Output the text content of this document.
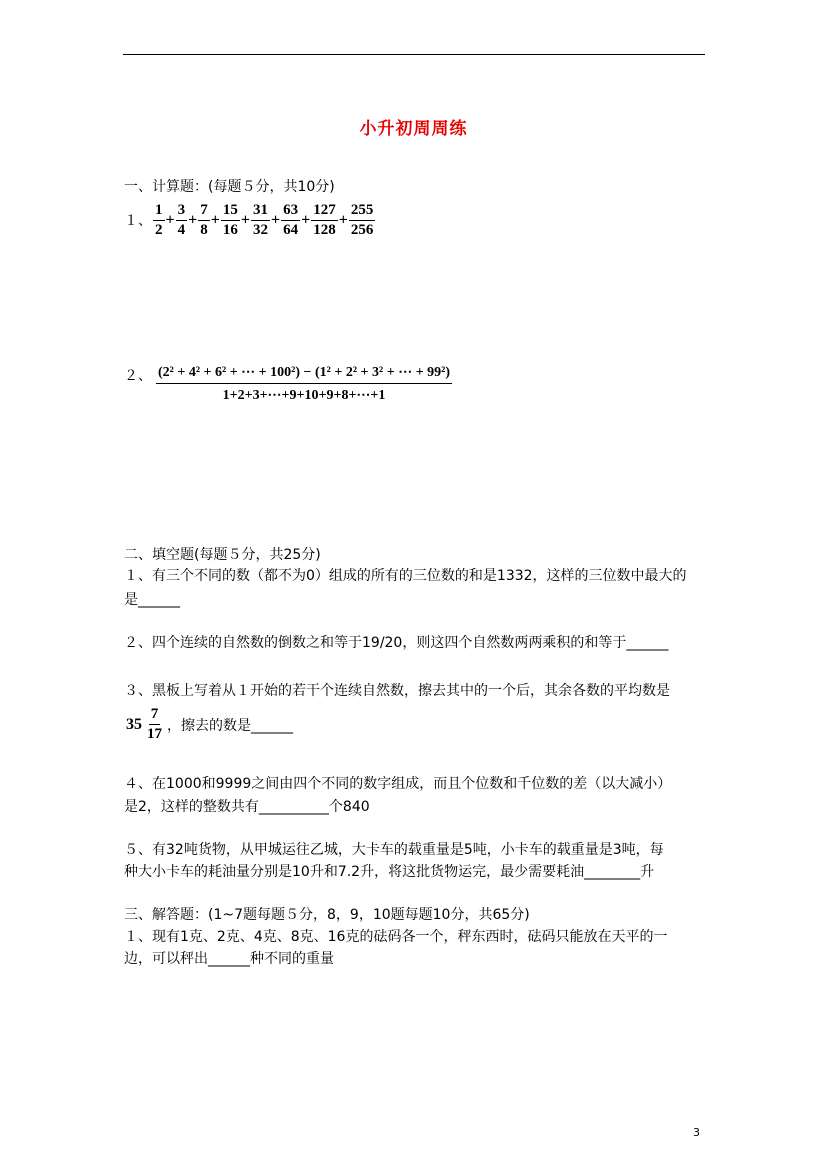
小升初周周练
一、计算题：(每题５分，共10分)
１、 $\frac{1}{2} + \frac{3}{4} + \frac{7}{8} + \frac{15}{16} + \frac{31}{32} + \frac{63}{64} + \frac{127}{128} + \frac{255}{256}$
２、 $\frac{\text{(2² + 4² + 6² + ⋯ + 100²) − (1² + 2² + 3² + ⋯ + 99²)}}{1+2+3+\cdots+9+10+9+8+\cdots+1}$
二、填空题(每题５分，共25分)
１、有三个不同的数（都不为0）组成的所有的三位数的和是1332，这样的三位数中最大的
是______
２、四个连续的自然数的倒数之和等于19/20，则这四个自然数两两乘积的和等于______
３、黑板上写着从１开始的若干个连续自然数，擦去其中的一个后，其余各数的平均数是
$35 \frac{7}{17}$ ，擦去的数是______
４、在1000和9999之间由四个不同的数字组成，而且个位数和千位数的差（以大减小）
是2，这样的整数共有__________个840
５、有32吨货物，从甲城运往乙城，大卡车的载重量是5吨，小卡车的载重量是3吨，每
种大小卡车的耗油量分别是10升和7.2升，将这批货物运完，最少需要耗油________升
三、解答题：(1~7题每题５分，8，9，10题每题10分，共65分)
１、现有1克、2克、4克、8克、16克的砝码各一个，秤东西时，砝码只能放在天平的一
边，可以秤出______种不同的重量
3
